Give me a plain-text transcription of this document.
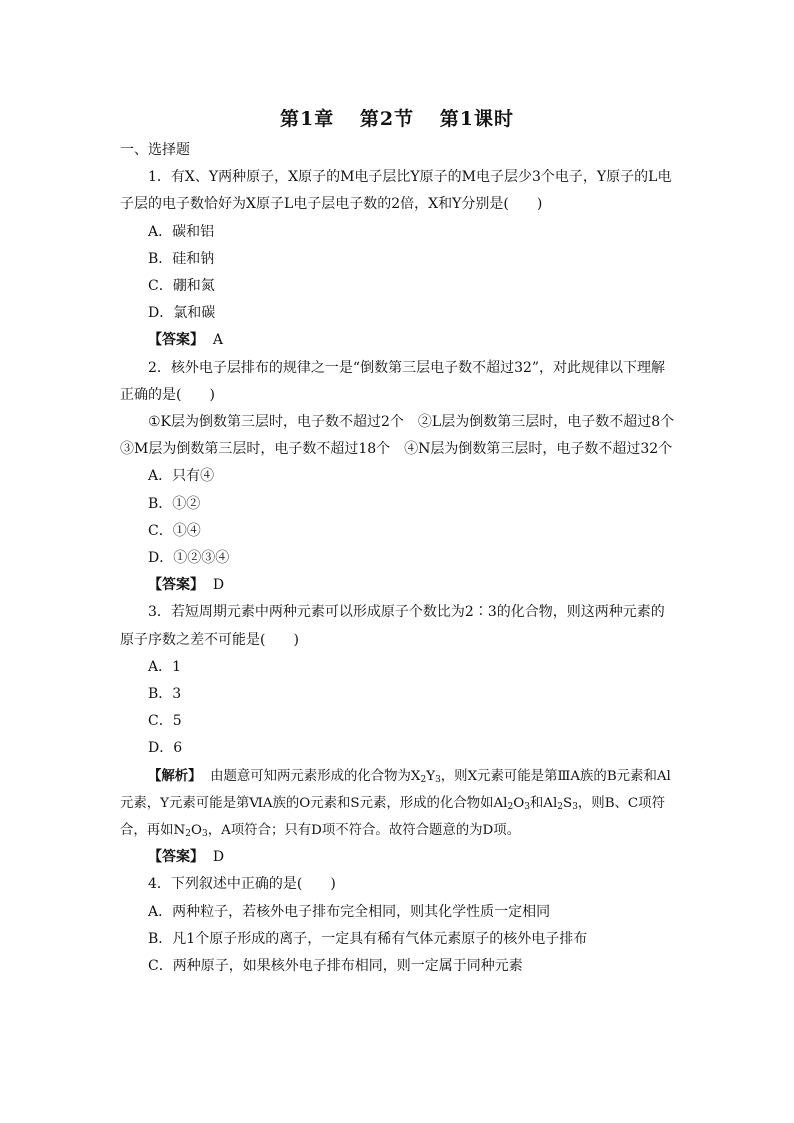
第1章 第2节 第1课时

一、选择题

1．有X、Y两种原子，X原子的M电子层比Y原子的M电子层少3个电子，Y原子的L电子层的电子数恰好为X原子L电子层电子数的2倍，X和Y分别是(　　)

A．碳和铝

B．硅和钠

C．硼和氮

D．氯和碳

【答案】 A

2．核外电子层排布的规律之一是“倒数第三层电子数不超过32”，对此规律以下理解正确的是(　　)

①K层为倒数第三层时，电子数不超过2个　②L层为倒数第三层时，电子数不超过8个　③M层为倒数第三层时，电子数不超过18个　④N层为倒数第三层时，电子数不超过32个

A．只有④

B．①②

C．①④

D．①②③④

【答案】 D

3．若短周期元素中两种元素可以形成原子个数比为2∶3的化合物，则这两种元素的原子序数之差不可能是(　　)

A．1

B．3

C．5

D．6

【解析】 由题意可知两元素形成的化合物为$X_2Y_3$，则X元素可能是第ⅢA族的B元素和Al元素，Y元素可能是第ⅥA族的O元素和S元素，形成的化合物如$Al_2O_3$和$Al_2S_3$，则B、C项符合，再如$N_2O_3$，A项符合；只有D项不符合。故符合题意的为D项。

【答案】 D

4．下列叙述中正确的是(　　)

A．两种粒子，若核外电子排布完全相同，则其化学性质一定相同

B．凡1个原子形成的离子，一定具有稀有气体元素原子的核外电子排布

C．两种原子，如果核外电子排布相同，则一定属于同种元素
